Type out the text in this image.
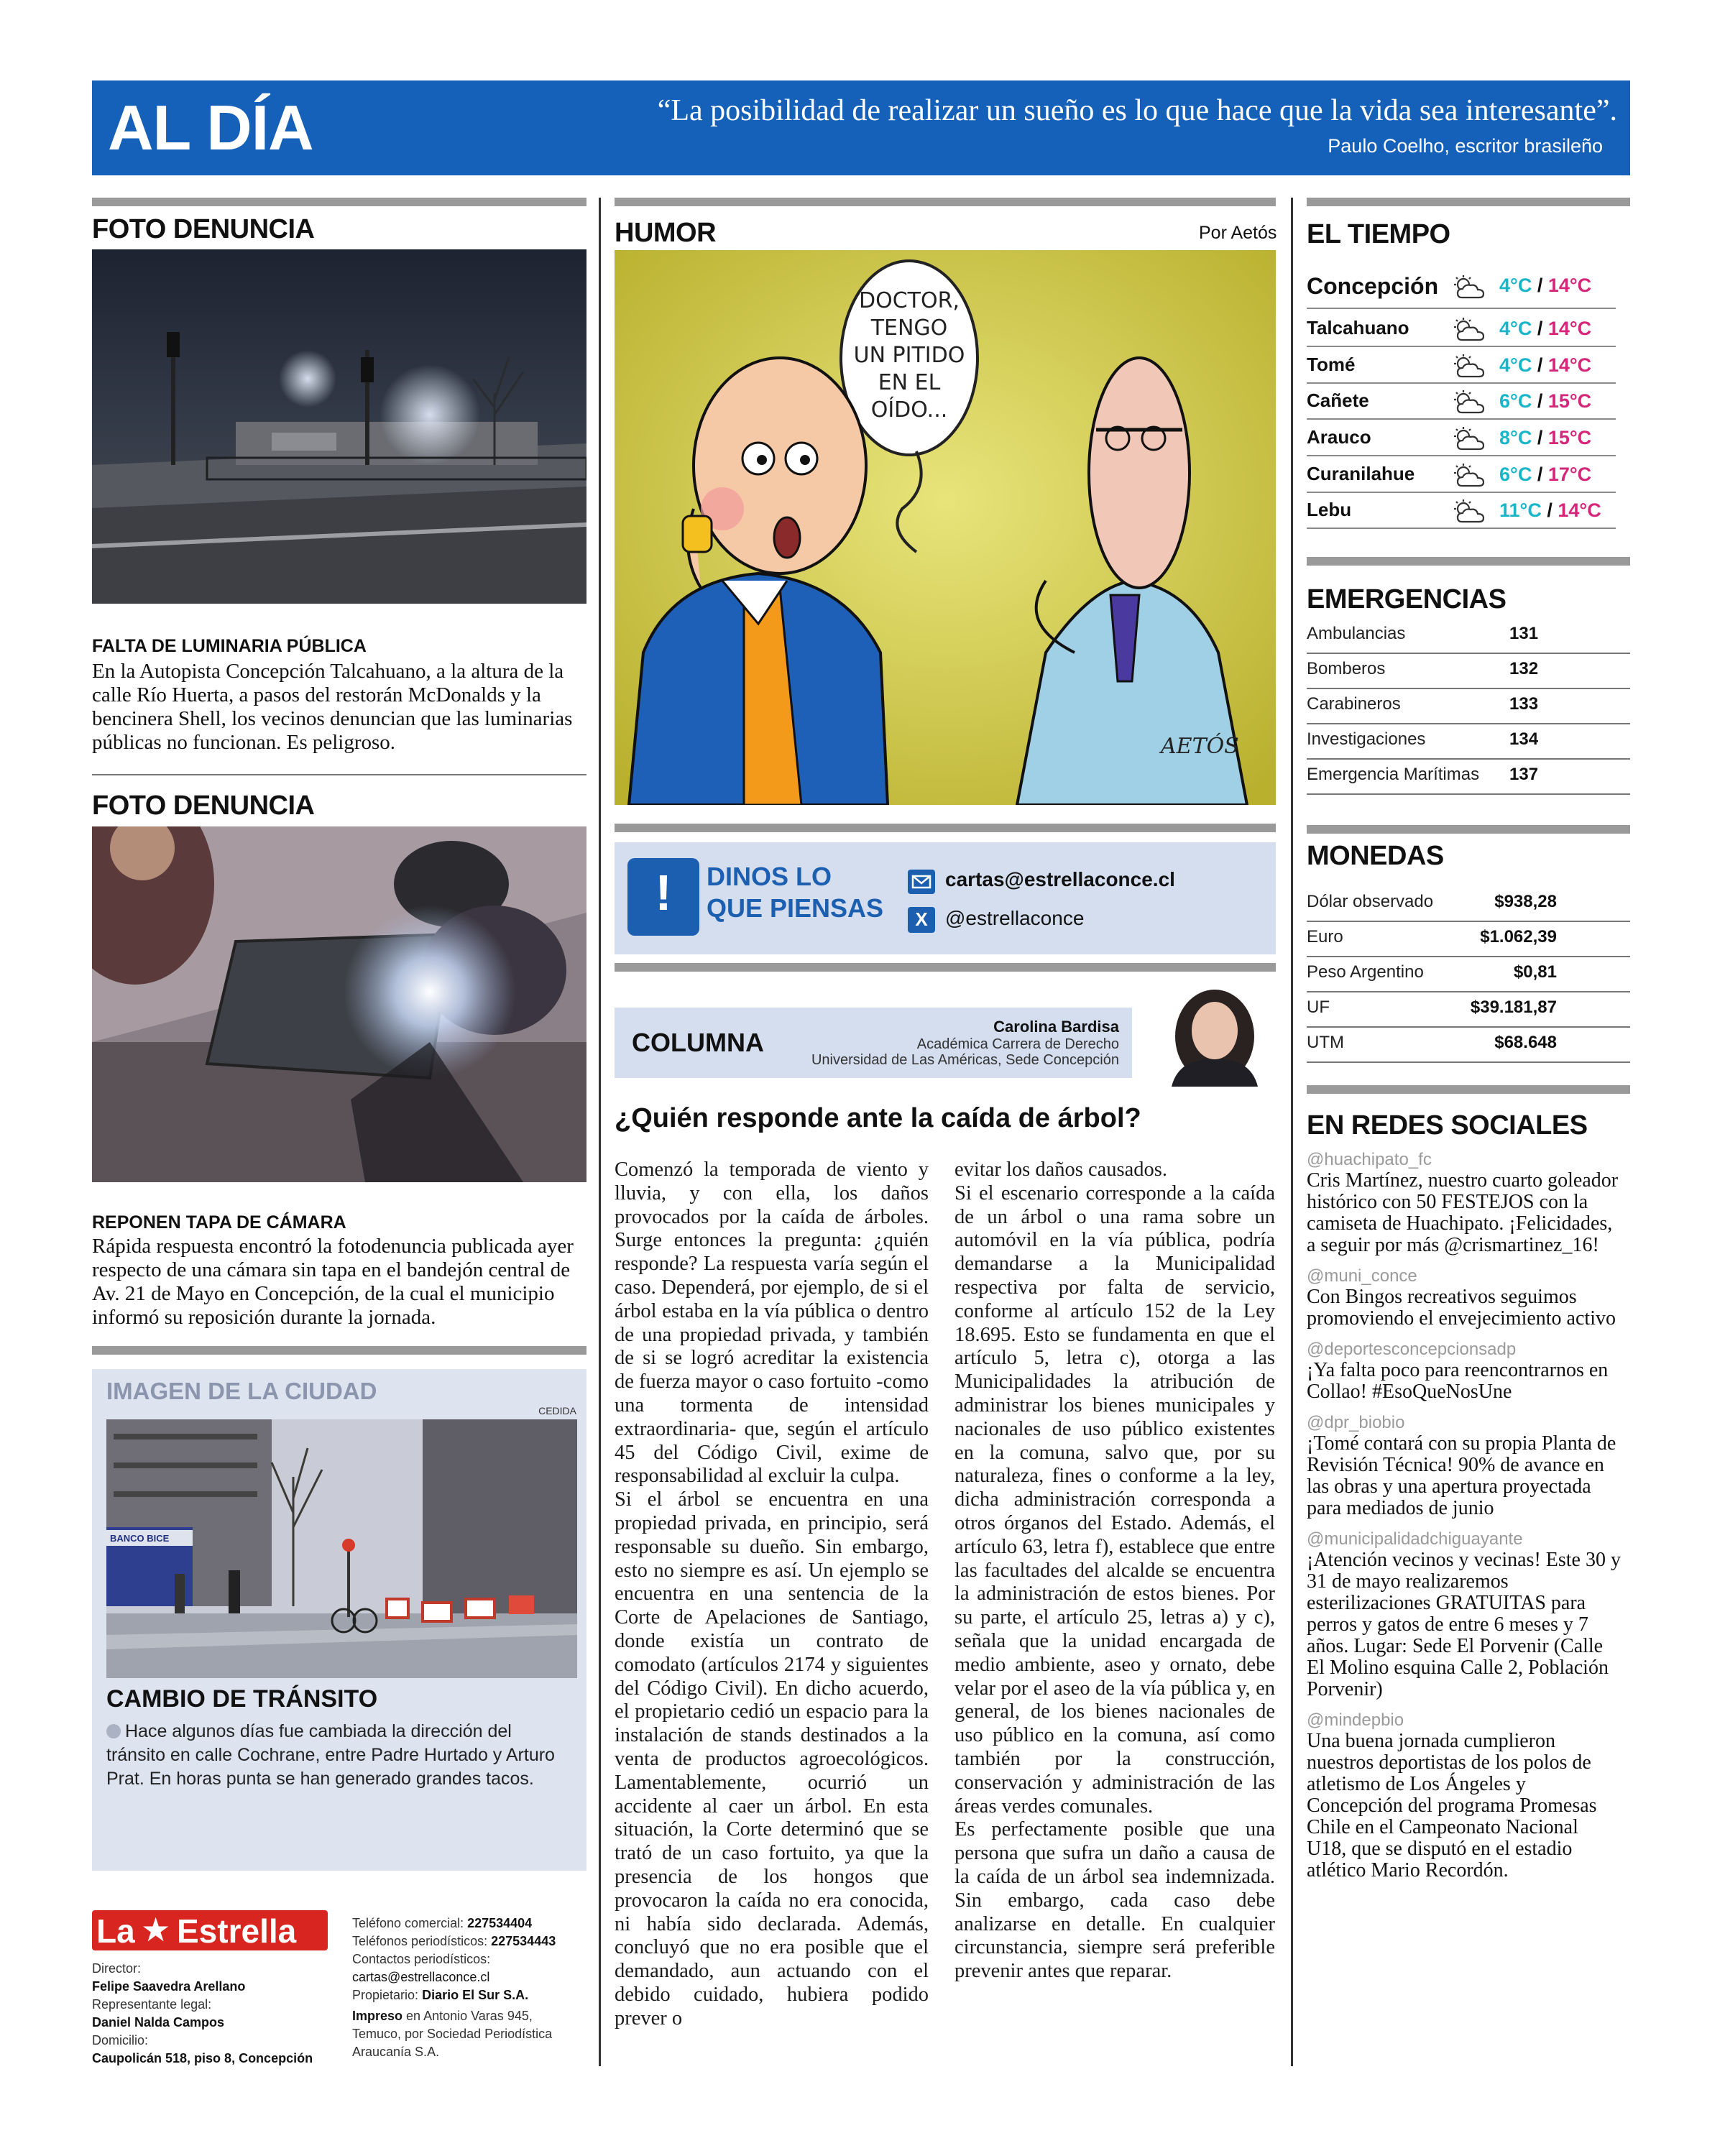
AL DÍA	“La posibilidad de realizar un sueño es lo que hace que la vida sea interesante”.
Paulo Coelho, escritor brasileño
FOTO DENUNCIA
FALTA DE LUMINARIA PÚBLICA
En la Autopista Concepción Talcahuano, a la altura de la calle Río Huerta, a pasos del restorán McDonalds y la bencinera Shell, los vecinos denuncian que las luminarias públicas no funcionan. Es peligroso.
FOTO DENUNCIA
REPONEN TAPA DE CÁMARA
Rápida respuesta encontró la fotodenuncia publicada ayer respecto de una cámara sin tapa en el bandejón central de Av. 21 de Mayo en Concepción, de la cual el municipio informó su reposición durante la jornada.
IMAGEN DE LA CIUDAD
CEDIDA
BANCO BICE
CAMBIO DE TRÁNSITO
Hace algunos días fue cambiada la dirección del tránsito en calle Cochrane, entre Padre Hurtado y Arturo Prat. En horas punta se han generado grandes tacos.
La ★ Estrella
Director:
Felipe Saavedra Arellano
Representante legal:
Daniel Nalda Campos
Domicilio:
Caupolicán 518, piso 8, Concepción
Teléfono comercial: 227534404
Teléfonos periodísticos: 227534443
Contactos periodísticos:
cartas@estrellaconce.cl
Propietario: Diario El Sur S.A.
Impreso en Antonio Varas 945,
Temuco, por Sociedad Periodística
Araucanía S.A.
HUMOR	Por Aetós
DOCTOR,
TENGO
UN PITIDO
EN EL
OÍDO...
AETÓS
!	DINOS LO
QUE PIENSAS
cartas@estrellaconce.cl
X @estrellaconce
COLUMNA
Carolina Bardisa
Académica Carrera de Derecho
Universidad de Las Américas, Sede Concepción
¿Quién responde ante la caída de árbol?
Comenzó la temporada de viento y lluvia, y con ella, los daños provocados por la caída de árboles. Surge entonces la pregunta: ¿quién responde? La respuesta varía según el caso. Dependerá, por ejemplo, de si el árbol estaba en la vía pública o dentro de una propiedad privada, y también de si se logró acreditar la existencia de fuerza mayor o caso fortuito -como una tormenta de intensidad extraordinaria- que, según el artículo 45 del Código Civil, exime de responsabilidad al excluir la culpa.
Si el árbol se encuentra en una propiedad privada, en principio, será responsable su dueño. Sin embargo, esto no siempre es así. Un ejemplo se encuentra en una sentencia de la Corte de Apelaciones de Santiago, donde existía un contrato de comodato (artículos 2174 y siguientes del Código Civil). En dicho acuerdo, el propietario cedió un espacio para la instalación de stands destinados a la venta de productos agroecológicos. Lamentablemente, ocurrió un accidente al caer un árbol. En esta situación, la Corte determinó que se trató de un caso fortuito, ya que la presencia de los hongos que provocaron la caída no era conocida, ni había sido declarada. Además, concluyó que no era posible que el demandado, aun actuando con el debido cuidado, hubiera podido prever o
evitar los daños causados.
Si el escenario corresponde a la caída de un árbol o una rama sobre un automóvil en la vía pública, podría demandarse a la Municipalidad respectiva por falta de servicio, conforme al artículo 152 de la Ley 18.695. Esto se fundamenta en que el artículo 5, letra c), otorga a las Municipalidades la atribución de administrar los bienes municipales y nacionales de uso público existentes en la comuna, salvo que, por su naturaleza, fines o conforme a la ley, dicha administración corresponda a otros órganos del Estado. Además, el artículo 63, letra f), establece que entre las facultades del alcalde se encuentra la administración de estos bienes. Por su parte, el artículo 25, letras a) y c), señala que la unidad encargada de medio ambiente, aseo y ornato, debe velar por el aseo de la vía pública y, en general, de los bienes nacionales de uso público en la comuna, así como también por la construcción, conservación y administración de las áreas verdes comunales.
Es perfectamente posible que una persona que sufra un daño a causa de la caída de un árbol sea indemnizada. Sin embargo, cada caso debe analizarse en detalle. En cualquier circunstancia, siempre será preferible prevenir antes que reparar.
EL TIEMPO
EMERGENCIAS
MONEDAS
EN REDES SOCIALES
@huachipato_fc
Cris Martínez, nuestro cuarto goleador histórico con 50 FESTEJOS con la camiseta de Huachipato. ¡Felicidades, a seguir por más @crismartinez_16!
@muni_conce
Con Bingos recreativos seguimos promoviendo el envejecimiento activo
@deportesconcepcionsadp
¡Ya falta poco para reencontrarnos en Collao! #EsoQueNosUne
@dpr_biobio
¡Tomé contará con su propia Planta de Revisión Técnica! 90% de avance en las obras y una apertura proyectada para mediados de junio
@municipalidadchiguayante
¡Atención vecinos y vecinas! Este 30 y 31 de mayo realizaremos esterilizaciones GRATUITAS para perros y gatos de entre 6 meses y 7 años. Lugar: Sede El Porvenir (Calle El Molino esquina Calle 2, Población Porvenir)
@mindepbio
Una buena jornada cumplieron nuestros deportistas de los polos de atletismo de Los Ángeles y Concepción del programa Promesas Chile en el Campeonato Nacional U18, que se disputó en el estadio atlético Mario Recordón.
Concepción	4°C / 14°C
Talcahuano	4°C / 14°C
Tomé	4°C / 14°C
Cañete	6°C / 15°C
Arauco	8°C / 15°C
Curanilahue	6°C / 17°C
Lebu	11°C / 14°C
Ambulancias	131
Bomberos	132
Carabineros	133
Investigaciones	134
Emergencia Marítimas 137
Dólar observado	$938,28
Euro	$1.062,39
Peso Argentino	$0,81
UF	$39.181,87
UTM	$68.648
